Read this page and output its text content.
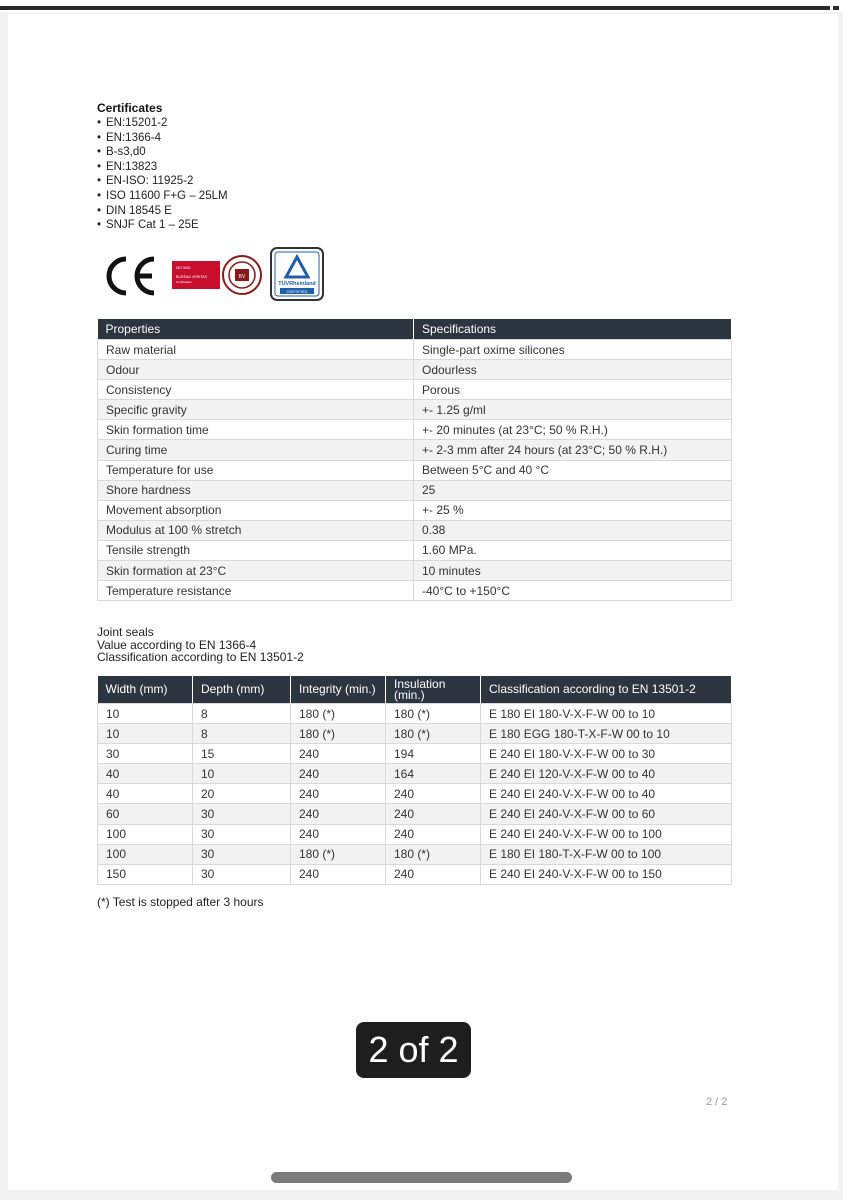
Certificates
• EN:15201-2
• EN:1366-4
• B-s3,d0
• EN:13823
• EN-ISO: 11925-2
• ISO 11600 F+G – 25LM
• DIN 18545 E
• SNJF Cat 1 – 25E
ISO 9001
BUREAU VERITAS
Certification
BV
TÜVRheinland
CERTIFIED
Properties	Specifications
Raw material	Single-part oxime silicones
Odour	Odourless
Consistency	Porous
Specific gravity	+- 1.25 g/ml
Skin formation time	+- 20 minutes (at 23°C; 50 % R.H.)
Curing time	+- 2-3 mm after 24 hours (at 23°C; 50 % R.H.)
Temperature for use	Between 5°C and 40 °C
Shore hardness	25
Movement absorption	+- 25 %
Modulus at 100 % stretch	0.38
Tensile strength	1.60 MPa.
Skin formation at 23°C	10 minutes
Temperature resistance	-40°C to +150°C
Joint seals
Value according to EN 1366-4
Classification according to EN 13501-2
Width (mm)	Depth (mm)	Integrity (min.)	Insulation (min.)	Classification according to EN 13501-2
10	8	180 (*)	180 (*)	E 180 EI 180-V-X-F-W 00 to 10
10	8	180 (*)	180 (*)	E 180 EGG 180-T-X-F-W 00 to 10
30	15	240	194	E 240 EI 180-V-X-F-W 00 to 30
40	10	240	164	E 240 EI 120-V-X-F-W 00 to 40
40	20	240	240	E 240 EI 240-V-X-F-W 00 to 40
60	30	240	240	E 240 EI 240-V-X-F-W 00 to 60
100	30	240	240	E 240 EI 240-V-X-F-W 00 to 100
100	30	180 (*)	180 (*)	E 180 EI 180-T-X-F-W 00 to 100
150	30	240	240	E 240 EI 240-V-X-F-W 00 to 150
(*) Test is stopped after 3 hours
2 of 2
2 / 2
